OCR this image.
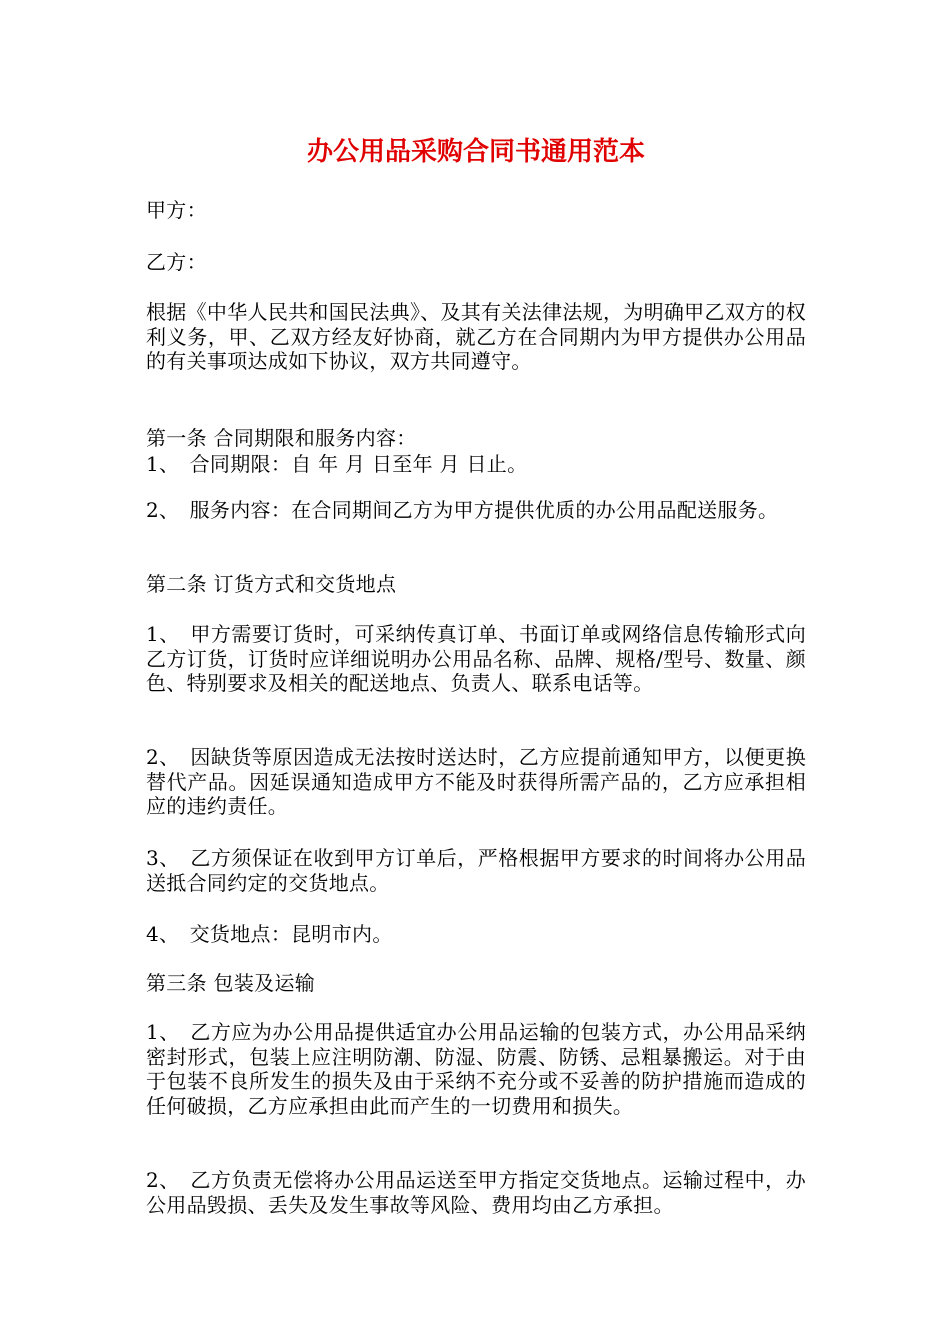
办公用品采购合同书通用范本

甲方：

乙方：

根据《中华人民共和国民法典》、及其有关法律法规，为明确甲乙双方的权利义务，甲、乙双方经友好协商，就乙方在合同期内为甲方提供办公用品的有关事项达成如下协议，双方共同遵守。

第一条 合同期限和服务内容：

1、　合同期限：自 年 月 日至年 月 日止。

2、　服务内容：在合同期间乙方为甲方提供优质的办公用品配送服务。

第二条 订货方式和交货地点

1、　甲方需要订货时，可采纳传真订单、书面订单或网络信息传输形式向乙方订货，订货时应详细说明办公用品名称、品牌、规格/型号、数量、颜色、特别要求及相关的配送地点、负责人、联系电话等。

2、　因缺货等原因造成无法按时送达时，乙方应提前通知甲方，以便更换替代产品。因延误通知造成甲方不能及时获得所需产品的，乙方应承担相应的违约责任。

3、　乙方须保证在收到甲方订单后，严格根据甲方要求的时间将办公用品送抵合同约定的交货地点。

4、　交货地点：昆明市内。

第三条 包装及运输

1、　乙方应为办公用品提供适宜办公用品运输的包装方式，办公用品采纳密封形式，包装上应注明防潮、防湿、防震、防锈、忌粗暴搬运。对于由于包装不良所发生的损失及由于采纳不充分或不妥善的防护措施而造成的任何破损，乙方应承担由此而产生的一切费用和损失。

2、　乙方负责无偿将办公用品运送至甲方指定交货地点。运输过程中，办公用品毁损、丢失及发生事故等风险、费用均由乙方承担。
